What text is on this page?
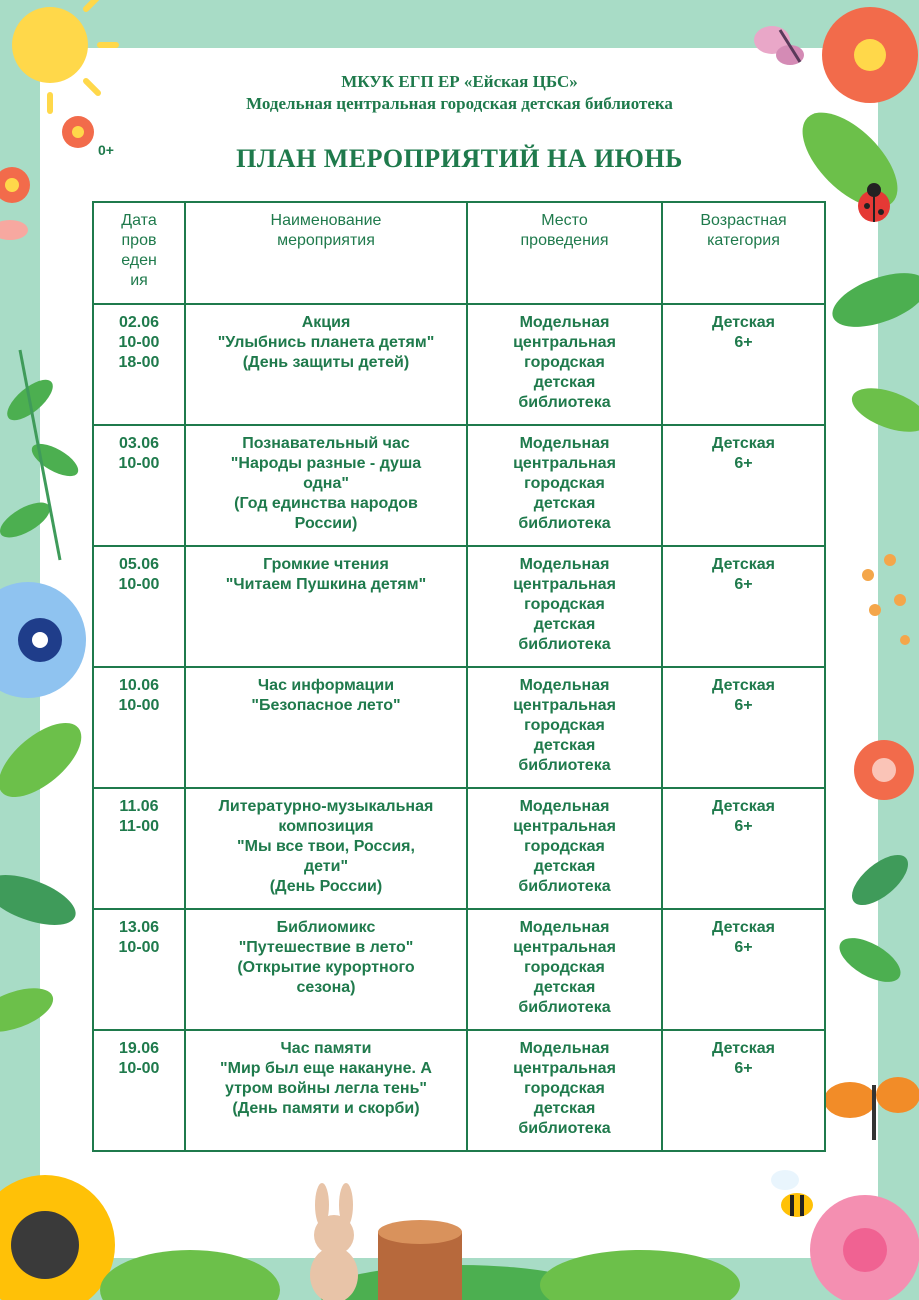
МКУК ЕГП ЕР «Ейская ЦБС»
Модельная центральная городская детская библиотека
0+	ПЛАН МЕРОПРИЯТИЙ НА ИЮНЬ
Дата
пров
еден
ия	Наименование
мероприятия	Место
проведения	Возрастная
категория
02.06
10-00
18-00	Акция
"Улыбнись планета детям"
(День защиты детей)	Модельная
центральная
городская
детская
библиотека	Детская
6+
03.06
10-00	Познавательный час
"Народы разные - душа
одна"
(Год единства народов
России)	Модельная
центральная
городская
детская
библиотека	Детская
6+
05.06
10-00	Громкие чтения
"Читаем Пушкина детям"	Модельная
центральная
городская
детская
библиотека	Детская
6+
10.06
10-00	Час информации
"Безопасное лето"	Модельная
центральная
городская
детская
библиотека	Детская
6+
11.06
11-00	Литературно-музыкальная
композиция
"Мы все твои, Россия,
дети"
(День России)	Модельная
центральная
городская
детская
библиотека	Детская
6+
13.06
10-00	Библиомикс
"Путешествие в лето"
(Открытие курортного
сезона)	Модельная
центральная
городская
детская
библиотека	Детская
6+
19.06
10-00	Час памяти
"Мир был еще накануне. А
утром войны легла тень"
(День памяти и скорби)	Модельная
центральная
городская
детская
библиотека	Детская
6+
